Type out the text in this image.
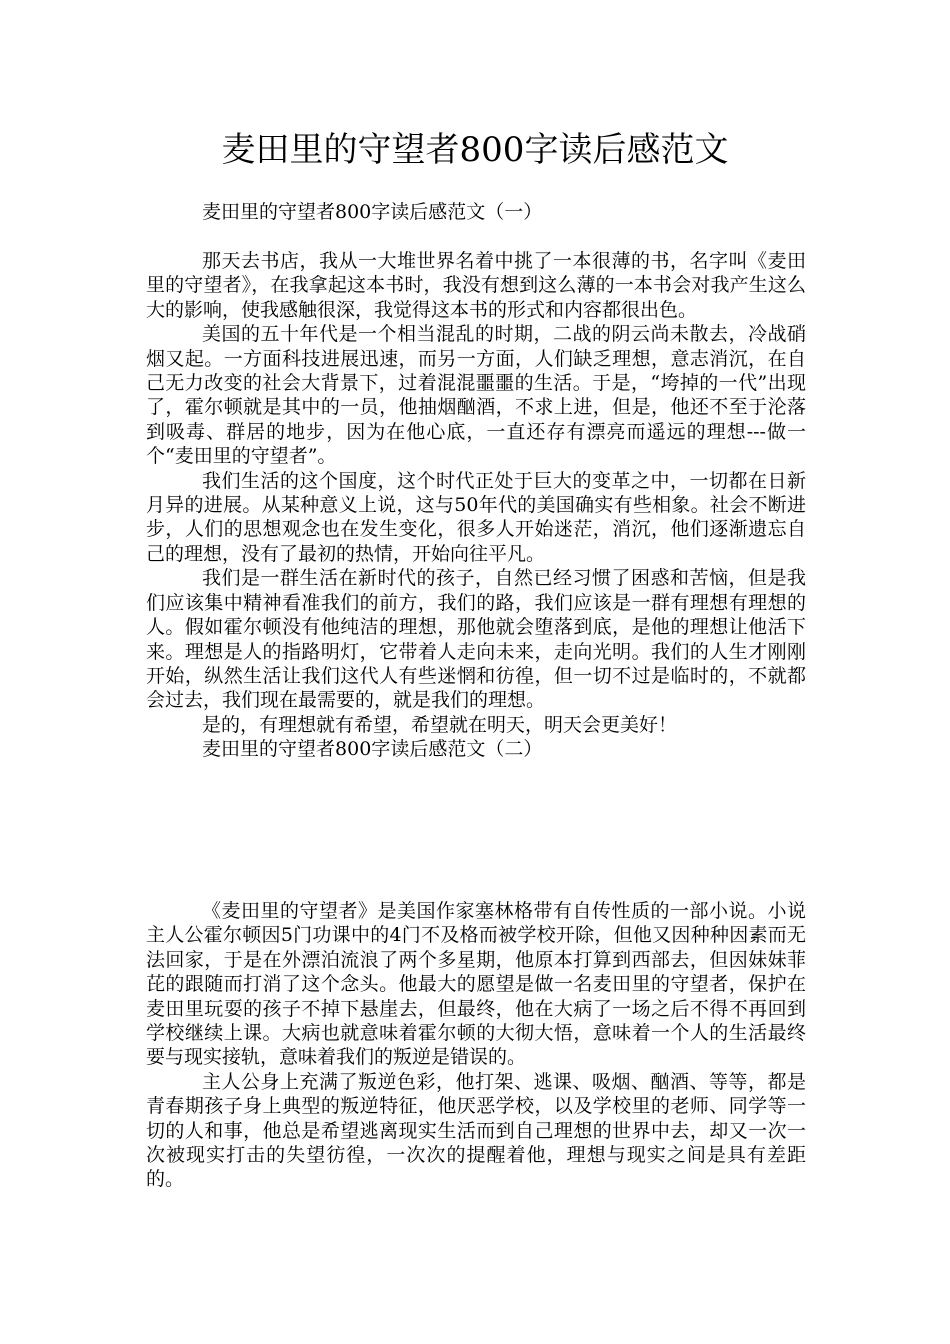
麦田里的守望者800字读后感范文
麦田里的守望者800字读后感范文（一）

那天去书店，我从一大堆世界名着中挑了一本很薄的书，名字叫《麦田里的守望者》，在我拿起这本书时，我没有想到这么薄的一本书会对我产生这么大的影响，使我感触很深，我觉得这本书的形式和内容都很出色。

美国的五十年代是一个相当混乱的时期，二战的阴云尚未散去，冷战硝烟又起。一方面科技进展迅速，而另一方面，人们缺乏理想，意志消沉，在自己无力改变的社会大背景下，过着混混噩噩的生活。于是，“垮掉的一代”出现了，霍尔顿就是其中的一员，他抽烟酗酒，不求上进，但是，他还不至于沦落到吸毒、群居的地步，因为在他心底，一直还存有漂亮而遥远的理想---做一个“麦田里的守望者”。

我们生活的这个国度，这个时代正处于巨大的变革之中，一切都在日新月异的进展。从某种意义上说，这与50年代的美国确实有些相象。社会不断进步，人们的思想观念也在发生变化，很多人开始迷茫，消沉，他们逐渐遗忘自己的理想，没有了最初的热情，开始向往平凡。

我们是一群生活在新时代的孩子，自然已经习惯了困惑和苦恼，但是我们应该集中精神看准我们的前方，我们的路，我们应该是一群有理想有理想的人。假如霍尔顿没有他纯洁的理想，那他就会堕落到底，是他的理想让他活下来。理想是人的指路明灯，它带着人走向未来，走向光明。我们的人生才刚刚开始，纵然生活让我们这代人有些迷惘和彷徨，但一切不过是临时的，不就都会过去，我们现在最需要的，就是我们的理想。

是的，有理想就有希望，希望就在明天，明天会更美好！

麦田里的守望者800字读后感范文（二）

《麦田里的守望者》是美国作家塞林格带有自传性质的一部小说。小说主人公霍尔顿因5门功课中的4门不及格而被学校开除，但他又因种种因素而无法回家，于是在外漂泊流浪了两个多星期，他原本打算到西部去，但因妹妹菲芘的跟随而打消了这个念头。他最大的愿望是做一名麦田里的守望者，保护在麦田里玩耍的孩子不掉下悬崖去，但最终，他在大病了一场之后不得不再回到学校继续上课。大病也就意味着霍尔顿的大彻大悟，意味着一个人的生活最终要与现实接轨，意味着我们的叛逆是错误的。

主人公身上充满了叛逆色彩，他打架、逃课、吸烟、酗酒、等等，都是青春期孩子身上典型的叛逆特征，他厌恶学校，以及学校里的老师、同学等一切的人和事，他总是希望逃离现实生活而到自己理想的世界中去，却又一次一次被现实打击的失望彷徨，一次次的提醒着他，理想与现实之间是具有差距的。
